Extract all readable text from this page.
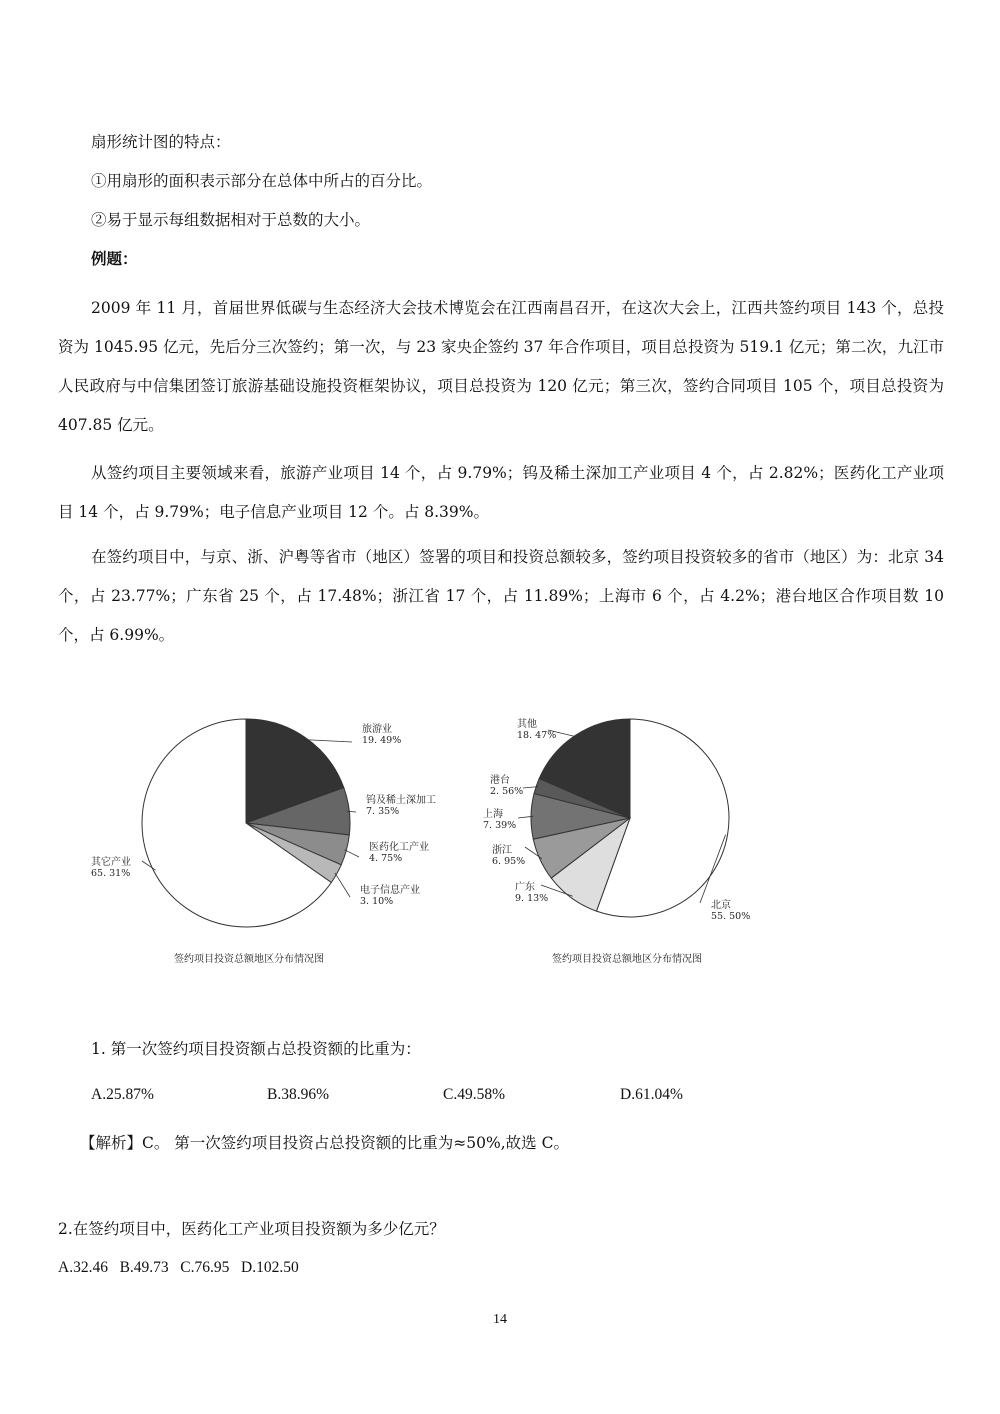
扇形统计图的特点：
①用扇形的面积表示部分在总体中所占的百分比。
②易于显示每组数据相对于总数的大小。
例题：
2009 年 11 月，首届世界低碳与生态经济大会技术博览会在江西南昌召开，在这次大会上，江西共签约项目 143 个，总投资为 1045.95 亿元，先后分三次签约；第一次，与 23 家央企签约 37 年合作项目，项目总投资为 519.1 亿元；第二次，九江市人民政府与中信集团签订旅游基础设施投资框架协议，项目总投资为 120 亿元；第三次，签约合同项目 105 个，项目总投资为 407.85 亿元。
从签约项目主要领域来看，旅游产业项目 14 个，占 9.79%；钨及稀土深加工产业项目 4 个，占 2.82%；医药化工产业项目 14 个，占 9.79%；电子信息产业项目 12 个。占 8.39%。
在签约项目中，与京、浙、沪粤等省市（地区）签署的项目和投资总额较多，签约项目投资较多的省市（地区）为：北京 34 个，占 23.77%；广东省 25 个，占 17.48%；浙江省 17 个，占 11.89%；上海市 6 个，占 4.2%；港台地区合作项目数 10 个，占 6.99%。
旅游业
19. 49%
钨及稀土深加工
7. 35%
医药化工产业
4. 75%
电子信息产业
3. 10%
其它产业
65. 31%
签约项目投资总额地区分布情况图
北京
55. 50%
广东
9. 13%
浙江
6. 95%
上海
7. 39%
港台
2. 56%
其他
18. 47%
签约项目投资总额地区分布情况图
1. 第一次签约项目投资额占总投资额的比重为：
A.25.87%	B.38.96%	C.49.58%	D.61.04%
【解析】C。 第一次签约项目投资占总投资额的比重为≈50%,故选 C。
2.在签约项目中，医药化工产业项目投资额为多少亿元？
A.32.46   B.49.73   C.76.95   D.102.50
14
